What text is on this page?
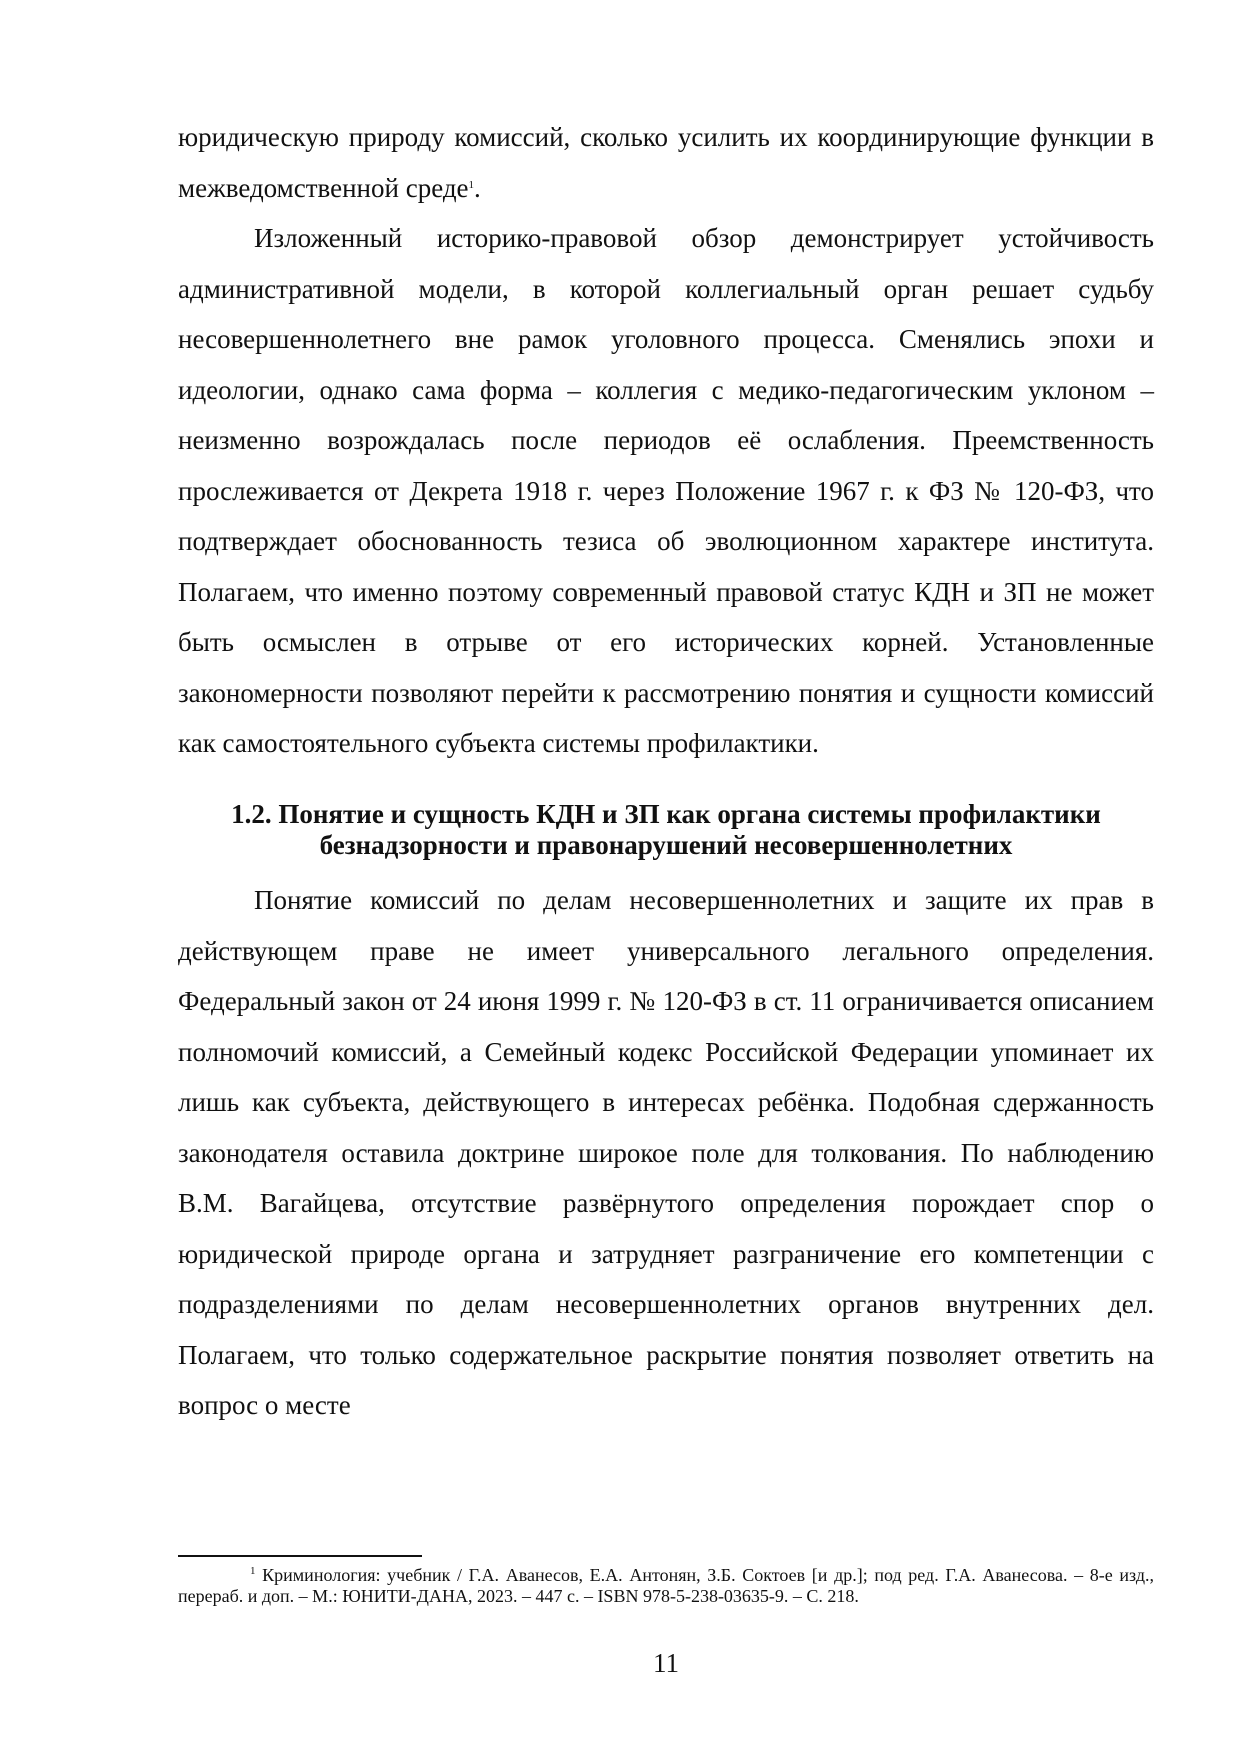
юридическую природу комиссий, сколько усилить их координирующие функции в межведомственной среде$^1$.

Изложенный историко-правовой обзор демонстрирует устойчивость административной модели, в которой коллегиальный орган решает судьбу несовершеннолетнего вне рамок уголовного процесса. Сменялись эпохи и идеологии, однако сама форма – коллегия с медико-педагогическим уклоном – неизменно возрождалась после периодов её ослабления. Преемственность прослеживается от Декрета 1918 г. через Положение 1967 г. к ФЗ № 120-ФЗ, что подтверждает обоснованность тезиса об эволюционном характере института. Полагаем, что именно поэтому современный правовой статус КДН и ЗП не может быть осмыслен в отрыве от его исторических корней. Установленные закономерности позволяют перейти к рассмотрению понятия и сущности комиссий как самостоятельного субъекта системы профилактики.

1.2. Понятие и сущность КДН и ЗП как органа системы профилактики
безнадзорности и правонарушений несовершеннолетних

Понятие комиссий по делам несовершеннолетних и защите их прав в действующем праве не имеет универсального легального определения. Федеральный закон от 24 июня 1999 г. № 120-ФЗ в ст. 11 ограничивается описанием полномочий комиссий, а Семейный кодекс Российской Федерации упоминает их лишь как субъекта, действующего в интересах ребёнка. Подобная сдержанность законодателя оставила доктрине широкое поле для толкования. По наблюдению В.М. Вагайцева, отсутствие развёрнутого определения порождает спор о юридической природе органа и затрудняет разграничение его компетенции с подразделениями по делам несовершеннолетних органов внутренних дел. Полагаем, что только содержательное раскрытие понятия позволяет ответить на вопрос о месте

$^1$ Криминология: учебник / Г.А. Аванесов, Е.А. Антонян, З.Б. Соктоев [и др.]; под ред. Г.А. Аванесова. – 8-е изд., перераб. и доп. – М.: ЮНИТИ-ДАНА, 2023. – 447 с. – ISBN 978-5-238-03635-9. – С. 218.

11
